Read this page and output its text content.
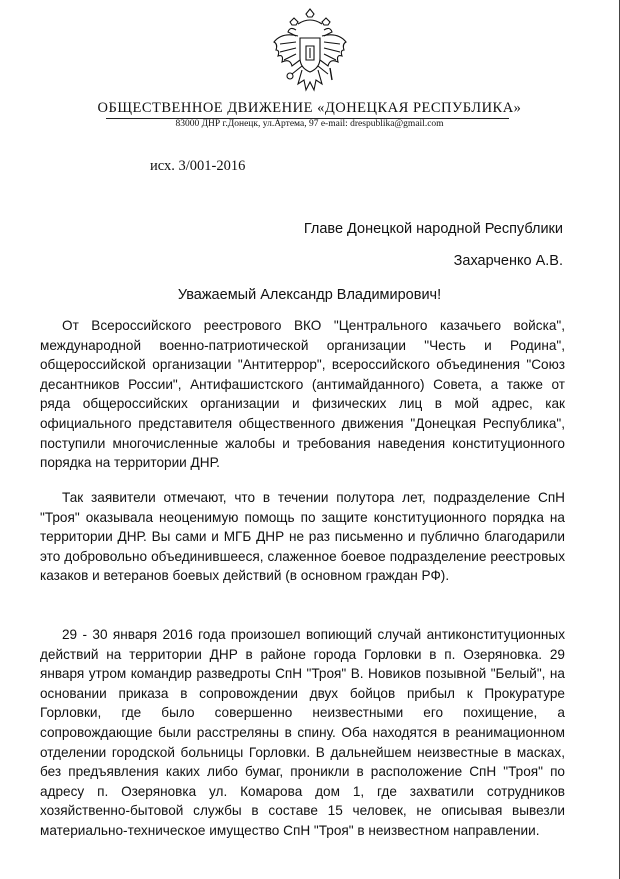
ОБЩЕСТВЕННОЕ ДВИЖЕНИЕ «ДОНЕЦКАЯ РЕСПУБЛИКА»
83000 ДНР г.Донецк, ул.Артема, 97 e-mail: drespublika@gmail.com
исх. 3/001-2016
Главе Донецкой народной Республики
Захарченко А.В.
Уважаемый Александр Владимирович!

От Всероссийского реестрового ВКО "Центрального казачьего войска", международной военно-патриотической организации "Честь и Родина", общероссийской организации "Антитеррор", всероссийского объединения "Союз десантников России", Антифашистского (антимайданного) Совета, а также от ряда общероссийских организации и физических лиц в мой адрес, как официального представителя общественного движения "Донецкая Республика", поступили многочисленные жалобы и требования наведения конституционного порядка на территории ДНР.

Так заявители отмечают, что в течении полутора лет, подразделение СпН "Троя" оказывала неоценимую помощь по защите конституционного порядка на территории ДНР. Вы сами и МГБ ДНР не раз письменно и публично благодарили это добровольно объединившееся, слаженное боевое подразделение реестровых казаков и ветеранов боевых действий (в основном граждан РФ).

29 - 30 января 2016 года произошел вопиющий случай антиконституционных действий на территории ДНР в районе города Горловки в п. Озеряновка. 29 января утром командир разведроты СпН "Троя" В. Новиков позывной "Белый", на основании приказа в сопровождении двух бойцов прибыл к Прокуратуре Горловки, где было совершенно неизвестными его похищение, а сопровождающие были расстреляны в спину. Оба находятся в реанимационном отделении городской больницы Горловки. В дальнейшем неизвестные в масках, без предъявления каких либо бумаг, проникли в расположение СпН "Троя" по адресу п. Озеряновка ул. Комарова дом 1, где захватили сотрудников хозяйственно-бытовой службы в составе 15 человек, не описывая вывезли материально-техническое имущество СпН "Троя" в неизвестном направлении.
